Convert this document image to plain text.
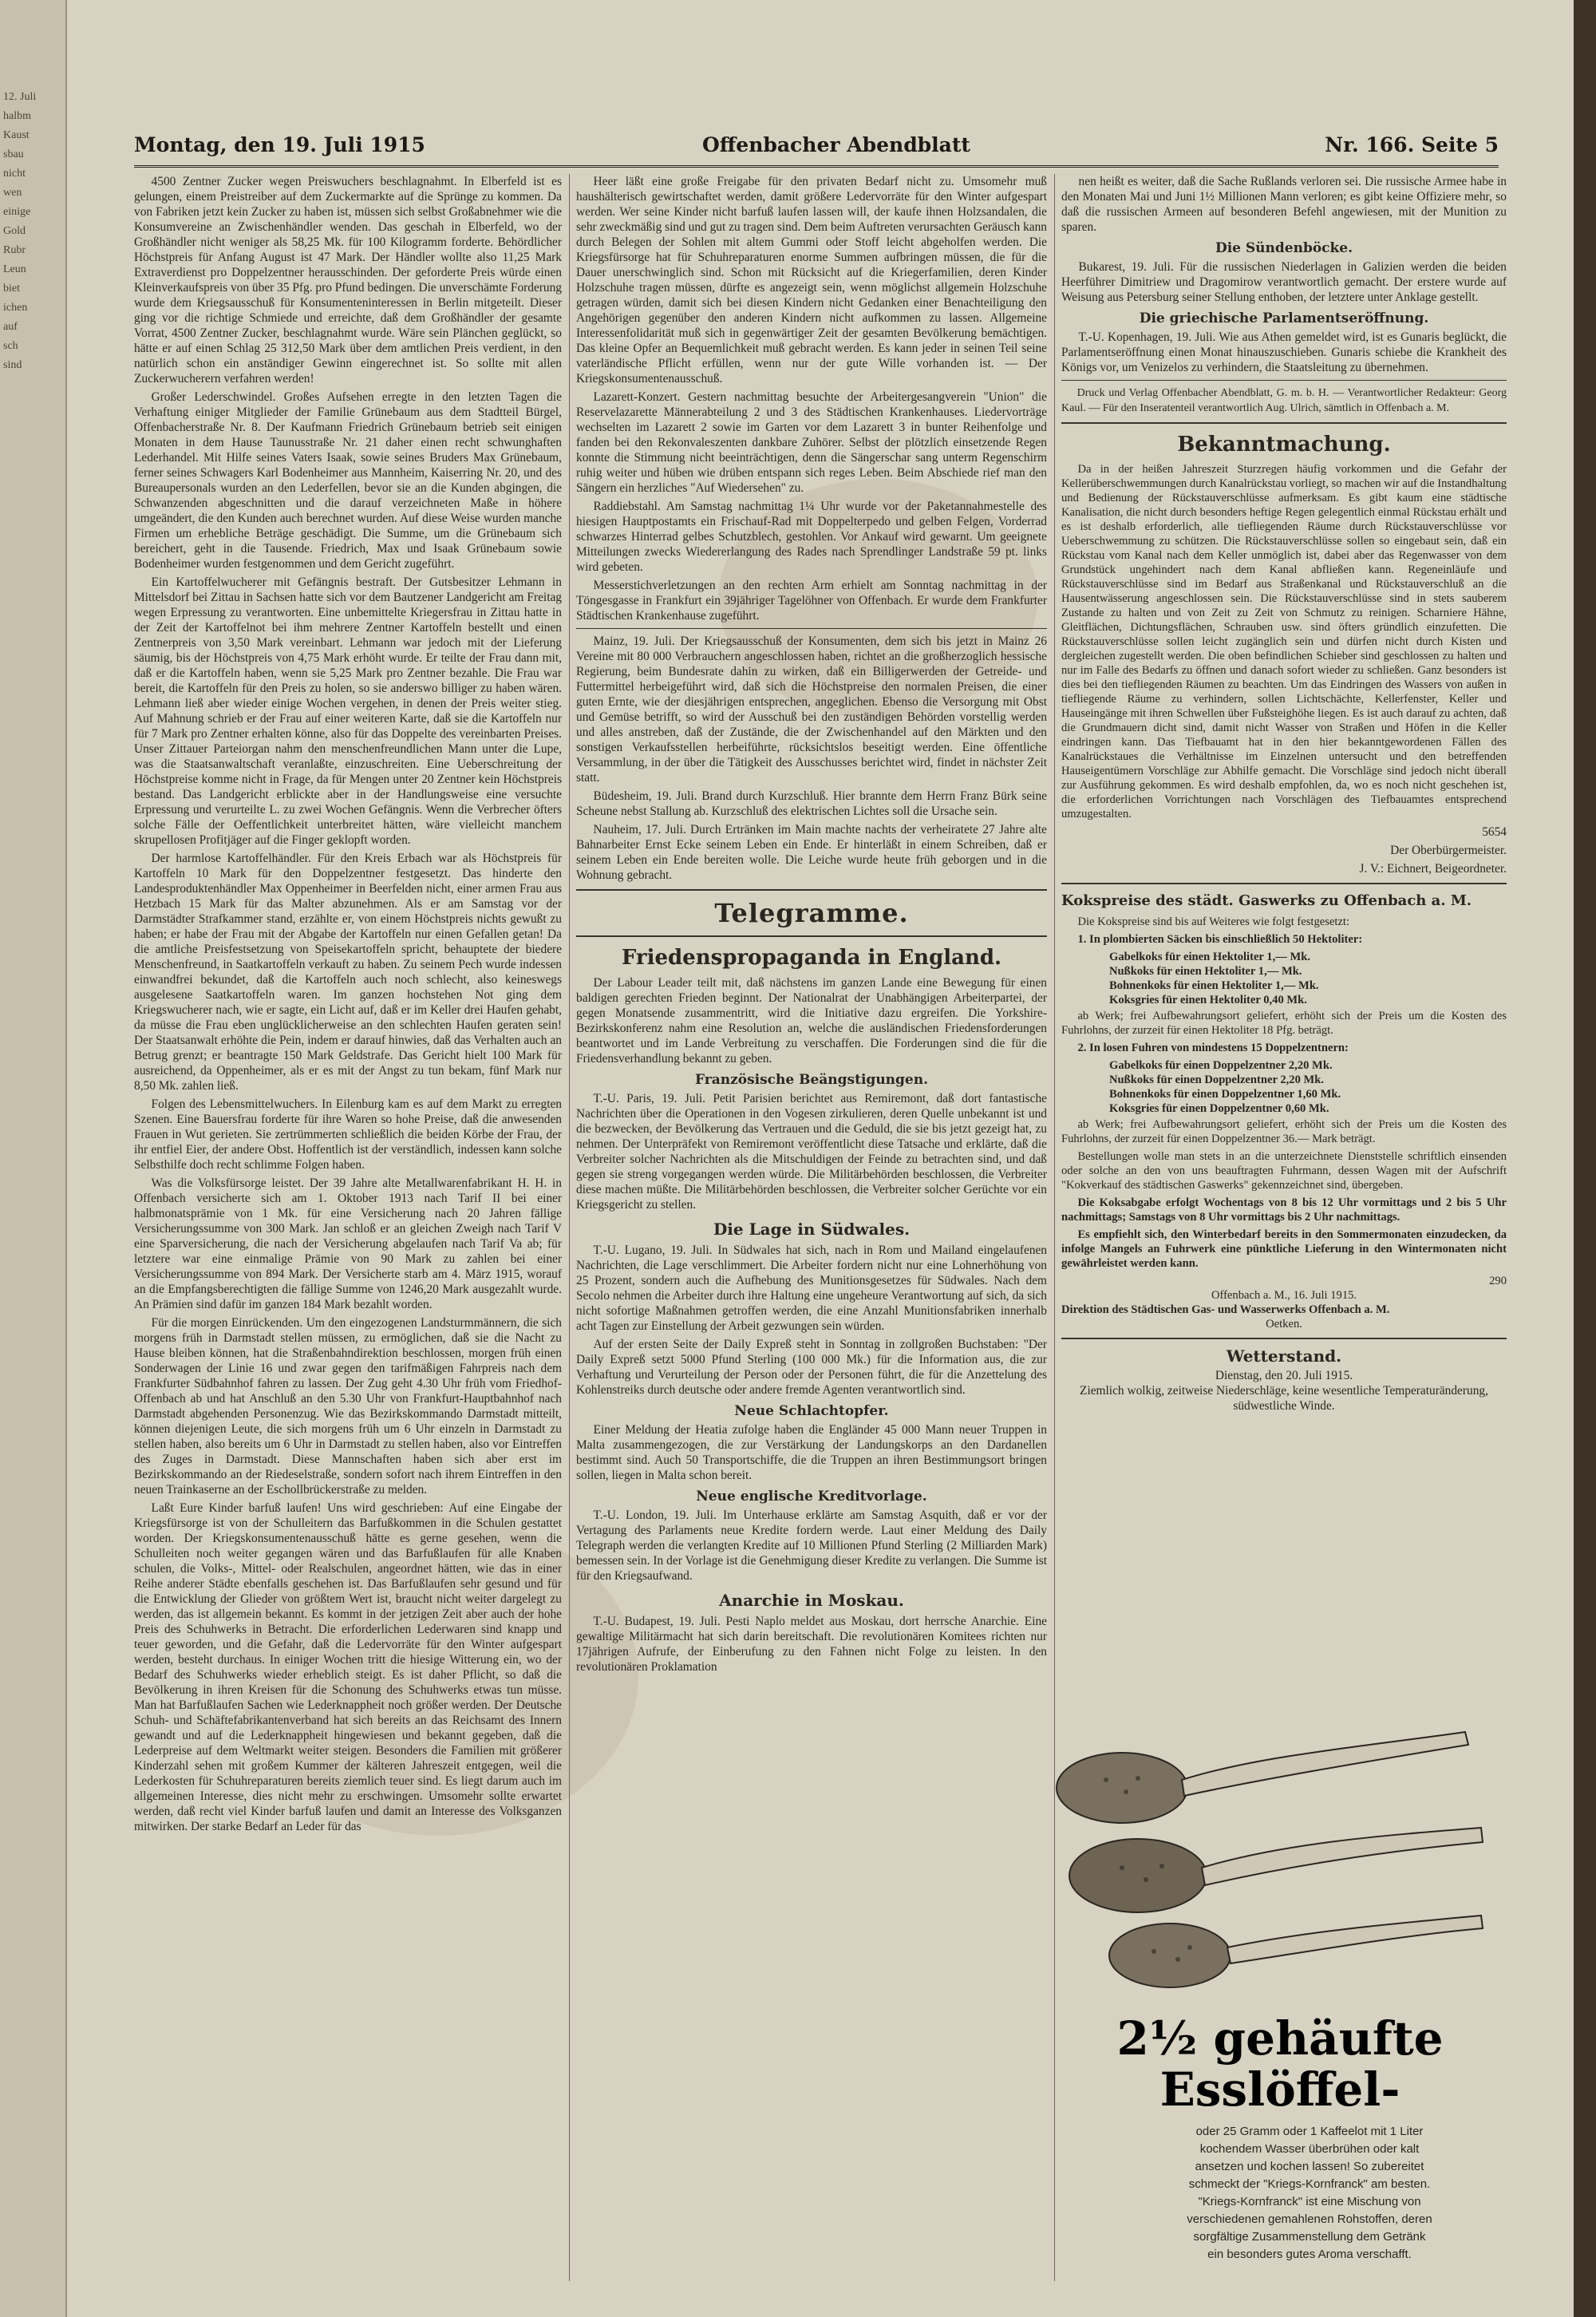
12. Juli

halbm

Kaust

sbau

nicht

wen

einige

Gold

Rubr

Leun

biet

ichen

auf

sch

sind

Montag, den 19. Juli 1915	Offenbacher Abendblatt	Nr. 166. Seite 5

4500 Zentner Zucker wegen Preiswuchers beschlagnahmt. In Elberfeld ist es gelungen, einem Preistreiber auf dem Zuckermarkte auf die Sprünge zu kommen. Da von Fabriken jetzt kein Zucker zu haben ist, müssen sich selbst Großabnehmer wie die Konsumvereine an Zwischenhändler wenden. Das geschah in Elberfeld, wo der Großhändler nicht weniger als 58,25 Mk. für 100 Kilogramm forderte. Behördlicher Höchstpreis für Anfang August ist 47 Mark. Der Händler wollte also 11,25 Mark Extraverdienst pro Doppelzentner herausschinden. Der geforderte Preis würde einen Kleinverkaufspreis von über 35 Pfg. pro Pfund bedingen. Die unverschämte Forderung wurde dem Kriegsausschuß für Konsumenteninteressen in Berlin mitgeteilt. Dieser ging vor die richtige Schmiede und erreichte, daß dem Großhändler der gesamte Vorrat, 4500 Zentner Zucker, beschlagnahmt wurde. Wäre sein Plänchen geglückt, so hätte er auf einen Schlag 25 312,50 Mark über dem amtlichen Preis verdient, in den natürlich schon ein anständiger Gewinn eingerechnet ist. So sollte mit allen Zuckerwucherern verfahren werden!

Großer Lederschwindel. Großes Aufsehen erregte in den letzten Tagen die Verhaftung einiger Mitglieder der Familie Grünebaum aus dem Stadtteil Bürgel, Offenbacherstraße Nr. 8. Der Kaufmann Friedrich Grünebaum betrieb seit einigen Monaten in dem Hause Taunusstraße Nr. 21 daher einen recht schwunghaften Lederhandel. Mit Hilfe seines Vaters Isaak, sowie seines Bruders Max Grünebaum, ferner seines Schwagers Karl Bodenheimer aus Mannheim, Kaiserring Nr. 20, und des Bureaupersonals wurden an den Lederfellen, bevor sie an die Kunden abgingen, die Schwanzenden abgeschnitten und die darauf verzeichneten Maße in höhere umgeändert, die den Kunden auch berechnet wurden. Auf diese Weise wurden manche Firmen um erhebliche Beträge geschädigt. Die Summe, um die Grünebaum sich bereichert, geht in die Tausende. Friedrich, Max und Isaak Grünebaum sowie Bodenheimer wurden festgenommen und dem Gericht zugeführt.

Ein Kartoffelwucherer mit Gefängnis bestraft. Der Gutsbesitzer Lehmann in Mittelsdorf bei Zittau in Sachsen hatte sich vor dem Bautzener Landgericht am Freitag wegen Erpressung zu verantworten. Eine unbemittelte Kriegersfrau in Zittau hatte in der Zeit der Kartoffelnot bei ihm mehrere Zentner Kartoffeln bestellt und einen Zentnerpreis von 3,50 Mark vereinbart. Lehmann war jedoch mit der Lieferung säumig, bis der Höchstpreis von 4,75 Mark erhöht wurde. Er teilte der Frau dann mit, daß er die Kartoffeln haben, wenn sie 5,25 Mark pro Zentner bezahle. Die Frau war bereit, die Kartoffeln für den Preis zu holen, so sie anderswo billiger zu haben wären. Lehmann ließ aber wieder einige Wochen vergehen, in denen der Preis weiter stieg. Auf Mahnung schrieb er der Frau auf einer weiteren Karte, daß sie die Kartoffeln nur für 7 Mark pro Zentner erhalten könne, also für das Doppelte des vereinbarten Preises. Unser Zittauer Parteiorgan nahm den menschenfreundlichen Mann unter die Lupe, was die Staatsanwaltschaft veranlaßte, einzuschreiten. Eine Ueberschreitung der Höchstpreise komme nicht in Frage, da für Mengen unter 20 Zentner kein Höchstpreis bestand. Das Landgericht erblickte aber in der Handlungsweise eine versuchte Erpressung und verurteilte L. zu zwei Wochen Gefängnis. Wenn die Verbrecher öfters solche Fälle der Oeffentlichkeit unterbreitet hätten, wäre vielleicht manchem skrupellosen Profitjäger auf die Finger geklopft worden.

Der harmlose Kartoffelhändler. Für den Kreis Erbach war als Höchstpreis für Kartoffeln 10 Mark für den Doppelzentner festgesetzt. Das hinderte den Landesproduktenhändler Max Oppenheimer in Beerfelden nicht, einer armen Frau aus Hetzbach 15 Mark für das Malter abzunehmen. Als er am Samstag vor der Darmstädter Strafkammer stand, erzählte er, von einem Höchstpreis nichts gewußt zu haben; er habe der Frau mit der Abgabe der Kartoffeln nur einen Gefallen getan! Da die amtliche Preisfestsetzung von Speisekartoffeln spricht, behauptete der biedere Menschenfreund, in Saatkartoffeln verkauft zu haben. Zu seinem Pech wurde indessen einwandfrei bekundet, daß die Kartoffeln auch noch schlecht, also keineswegs ausgelesene Saatkartoffeln waren. Im ganzen hochstehen Not ging dem Kriegswucherer nach, wie er sagte, ein Licht auf, daß er im Keller drei Haufen gehabt, da müsse die Frau eben unglücklicherweise an den schlechten Haufen geraten sein! Der Staatsanwalt erhöhte die Pein, indem er darauf hinwies, daß das Verhalten auch an Betrug grenzt; er beantragte 150 Mark Geldstrafe. Das Gericht hielt 100 Mark für ausreichend, da Oppenheimer, als er es mit der Angst zu tun bekam, fünf Mark nur 8,50 Mk. zahlen ließ.

Folgen des Lebensmittelwuchers. In Eilenburg kam es auf dem Markt zu erregten Szenen. Eine Bauersfrau forderte für ihre Waren so hohe Preise, daß die anwesenden Frauen in Wut gerieten. Sie zertrümmerten schließlich die beiden Körbe der Frau, der ihr entfiel Eier, der andere Obst. Hoffentlich ist der verständlich, indessen kann solche Selbsthilfe doch recht schlimme Folgen haben.

Was die Volksfürsorge leistet. Der 39 Jahre alte Metallwarenfabrikant H. H. in Offenbach versicherte sich am 1. Oktober 1913 nach Tarif II bei einer halbmonatsprämie von 1 Mk. für eine Versicherung nach 20 Jahren fällige Versicherungssumme von 300 Mark. Jan schloß er an gleichen Zweigh nach Tarif V eine Sparversicherung, die nach der Versicherung abgelaufen nach Tarif Va ab; für letztere war eine einmalige Prämie von 90 Mark zu zahlen bei einer Versicherungssumme von 894 Mark. Der Versicherte starb am 4. März 1915, worauf an die Empfangsberechtigten die fällige Summe von 1246,20 Mark ausgezahlt wurde. An Prämien sind dafür im ganzen 184 Mark bezahlt worden.

Für die morgen Einrückenden. Um den eingezogenen Landsturmmännern, die sich morgens früh in Darmstadt stellen müssen, zu ermöglichen, daß sie die Nacht zu Hause bleiben können, hat die Straßenbahndirektion beschlossen, morgen früh einen Sonderwagen der Linie 16 und zwar gegen den tarifmäßigen Fahrpreis nach dem Frankfurter Südbahnhof fahren zu lassen. Der Zug geht 4.30 Uhr früh vom Friedhof-Offenbach ab und hat Anschluß an den 5.30 Uhr von Frankfurt-Hauptbahnhof nach Darmstadt abgehenden Personenzug. Wie das Bezirkskommando Darmstadt mitteilt, können diejenigen Leute, die sich morgens früh um 6 Uhr einzeln in Darmstadt zu stellen haben, also bereits um 6 Uhr in Darmstadt zu stellen haben, also vor Eintreffen des Zuges in Darmstadt. Diese Mannschaften haben sich aber erst im Bezirkskommando an der Riedeselstraße, sondern sofort nach ihrem Eintreffen in den neuen Trainkaserne an der Eschollbrückerstraße zu melden.

Laßt Eure Kinder barfuß laufen! Uns wird geschrieben: Auf eine Eingabe der Kriegsfürsorge ist von der Schulleitern das Barfußkommen in die Schulen gestattet worden. Der Kriegskonsumentenausschuß hätte es gerne gesehen, wenn die Schulleiten noch weiter gegangen wären und das Barfußlaufen für alle Knaben schulen, die Volks-, Mittel- oder Realschulen, angeordnet hätten, wie das in einer Reihe anderer Städte ebenfalls geschehen ist. Das Barfußlaufen sehr gesund und für die Entwicklung der Glieder von größtem Wert ist, braucht nicht weiter dargelegt zu werden, das ist allgemein bekannt. Es kommt in der jetzigen Zeit aber auch der hohe Preis des Schuhwerks in Betracht. Die erforderlichen Lederwaren sind knapp und teuer geworden, und die Gefahr, daß die Ledervorräte für den Winter aufgespart werden, besteht durchaus. In einiger Wochen tritt die hiesige Witterung ein, wo der Bedarf des Schuhwerks wieder erheblich steigt. Es ist daher Pflicht, so daß die Bevölkerung in ihren Kreisen für die Schonung des Schuhwerks etwas tun müsse. Man hat Barfußlaufen Sachen wie Lederknappheit noch größer werden. Der Deutsche Schuh- und Schäftefabrikantenverband hat sich bereits an das Reichsamt des Innern gewandt und auf die Lederknappheit hingewiesen und bekannt gegeben, daß die Lederpreise auf dem Weltmarkt weiter steigen. Besonders die Familien mit größerer Kinderzahl sehen mit großem Kummer der kälteren Jahreszeit entgegen, weil die Lederkosten für Schuhreparaturen bereits ziemlich teuer sind. Es liegt darum auch im allgemeinen Interesse, dies nicht mehr zu erschwingen. Umsomehr sollte erwartet werden, daß recht viel Kinder barfuß laufen und damit an Interesse des Volksganzen mitwirken. Der starke Bedarf an Leder für das

Heer läßt eine große Freigabe für den privaten Bedarf nicht zu. Umsomehr muß haushälterisch gewirtschaftet werden, damit größere Ledervorräte für den Winter aufgespart werden. Wer seine Kinder nicht barfuß laufen lassen will, der kaufe ihnen Holzsandalen, die sehr zweckmäßig sind und gut zu tragen sind. Dem beim Auftreten verursachten Geräusch kann durch Belegen der Sohlen mit altem Gummi oder Stoff leicht abgeholfen werden. Die Kriegsfürsorge hat für Schuhreparaturen enorme Summen aufbringen müssen, die für die Dauer unerschwinglich sind. Schon mit Rücksicht auf die Kriegerfamilien, deren Kinder Holzschuhe tragen müssen, dürfte es angezeigt sein, wenn möglichst allgemein Holzschuhe getragen würden, damit sich bei diesen Kindern nicht Gedanken einer Benachteiligung den Angehörigen gegenüber den anderen Kindern nicht aufkommen zu lassen. Allgemeine Interessenfolidarität muß sich in gegenwärtiger Zeit der gesamten Bevölkerung bemächtigen. Das kleine Opfer an Bequemlichkeit muß gebracht werden. Es kann jeder in seinen Teil seine vaterländische Pflicht erfüllen, wenn nur der gute Wille vorhanden ist. — Der Kriegskonsumentenausschuß.

Lazarett-Konzert. Gestern nachmittag besuchte der Arbeitergesangverein "Union" die Reservelazarette Männerabteilung 2 und 3 des Städtischen Krankenhauses. Liedervorträge wechselten im Lazarett 2 sowie im Garten vor dem Lazarett 3 in bunter Reihenfolge und fanden bei den Rekonvaleszenten dankbare Zuhörer. Selbst der plötzlich einsetzende Regen konnte die Stimmung nicht beeinträchtigen, denn die Sängerschar sang unterm Regenschirm ruhig weiter und hüben wie drüben entspann sich reges Leben. Beim Abschiede rief man den Sängern ein herzliches "Auf Wiedersehen" zu.

Raddiebstahl. Am Samstag nachmittag 1¼ Uhr wurde vor der Paketannahmestelle des hiesigen Hauptpostamts ein Frischauf-Rad mit Doppelterpedo und gelben Felgen, Vorderrad schwarzes Hinterrad gelbes Schutzblech, gestohlen. Vor Ankauf wird gewarnt. Um geeignete Mitteilungen zwecks Wiedererlangung des Rades nach Sprendlinger Landstraße 59 pt. links wird gebeten.

Messerstichverletzungen an den rechten Arm erhielt am Sonntag nachmittag in der Töngesgasse in Frankfurt ein 39jähriger Tagelöhner von Offenbach. Er wurde dem Frankfurter Städtischen Krankenhause zugeführt.

Mainz, 19. Juli. Der Kriegsausschuß der Konsumenten, dem sich bis jetzt in Mainz 26 Vereine mit 80 000 Verbrauchern angeschlossen haben, richtet an die großherzoglich hessische Regierung, beim Bundesrate dahin zu wirken, daß ein Billigerwerden der Getreide- und Futtermittel herbeigeführt wird, daß sich die Höchstpreise den normalen Preisen, die einer guten Ernte, wie der diesjährigen entsprechen, angeglichen. Ebenso die Versorgung mit Obst und Gemüse betrifft, so wird der Ausschuß bei den zuständigen Behörden vorstellig werden und alles anstreben, daß der Zustände, die der Zwischenhandel auf den Märkten und den sonstigen Verkaufsstellen herbeiführte, rücksichtslos beseitigt werden. Eine öffentliche Versammlung, in der über die Tätigkeit des Ausschusses berichtet wird, findet in nächster Zeit statt.

Büdesheim, 19. Juli. Brand durch Kurzschluß. Hier brannte dem Herrn Franz Bürk seine Scheune nebst Stallung ab. Kurzschluß des elektrischen Lichtes soll die Ursache sein.

Nauheim, 17. Juli. Durch Ertränken im Main machte nachts der verheiratete 27 Jahre alte Bahnarbeiter Ernst Ecke seinem Leben ein Ende. Er hinterläßt in einem Schreiben, daß er seinem Leben ein Ende bereiten wolle. Die Leiche wurde heute früh geborgen und in die Wohnung gebracht.

Telegramme.
Friedenspropaganda in England.

Der Labour Leader teilt mit, daß nächstens im ganzen Lande eine Bewegung für einen baldigen gerechten Frieden beginnt. Der Nationalrat der Unabhängigen Arbeiterpartei, der gegen Monatsende zusammentritt, wird die Initiative dazu ergreifen. Die Yorkshire-Bezirkskonferenz nahm eine Resolution an, welche die ausländischen Friedensforderungen beantwortet und im Lande Verbreitung zu verschaffen. Die Forderungen sind die für die Friedensverhandlung bekannt zu geben.

Französische Beängstigungen.

T.-U. Paris, 19. Juli. Petit Parisien berichtet aus Remiremont, daß dort fantastische Nachrichten über die Operationen in den Vogesen zirkulieren, deren Quelle unbekannt ist und die bezwecken, der Bevölkerung das Vertrauen und die Geduld, die sie bis jetzt gezeigt hat, zu nehmen. Der Unterpräfekt von Remiremont veröffentlicht diese Tatsache und erklärte, daß die Verbreiter solcher Nachrichten als die Mitschuldigen der Feinde zu betrachten sind, und daß gegen sie streng vorgegangen werden würde. Die Militärbehörden beschlossen, die Verbreiter diese machen müßte. Die Militärbehörden beschlossen, die Verbreiter solcher Gerüchte vor ein Kriegsgericht zu stellen.

Die Lage in Südwales.

T.-U. Lugano, 19. Juli. In Südwales hat sich, nach in Rom und Mailand eingelaufenen Nachrichten, die Lage verschlimmert. Die Arbeiter fordern nicht nur eine Lohnerhöhung von 25 Prozent, sondern auch die Aufhebung des Munitionsgesetzes für Südwales. Nach dem Secolo nehmen die Arbeiter durch ihre Haltung eine ungeheure Verantwortung auf sich, da sich nicht sofortige Maßnahmen getroffen werden, die eine Anzahl Munitionsfabriken innerhalb acht Tagen zur Einstellung der Arbeit gezwungen sein würden.

Auf der ersten Seite der Daily Expreß steht in Sonntag in zollgroßen Buchstaben: "Der Daily Expreß setzt 5000 Pfund Sterling (100 000 Mk.) für die Information aus, die zur Verhaftung und Verurteilung der Person oder der Personen führt, die für die Anzettelung des Kohlenstreiks durch deutsche oder andere fremde Agenten verantwortlich sind.

Neue Schlachtopfer.

Einer Meldung der Heatia zufolge haben die Engländer 45 000 Mann neuer Truppen in Malta zusammengezogen, die zur Verstärkung der Landungskorps an den Dardanellen bestimmt sind. Auch 50 Transportschiffe, die die Truppen an ihren Bestimmungsort bringen sollen, liegen in Malta schon bereit.

Neue englische Kreditvorlage.

T.-U. London, 19. Juli. Im Unterhause erklärte am Samstag Asquith, daß er vor der Vertagung des Parlaments neue Kredite fordern werde. Laut einer Meldung des Daily Telegraph werden die verlangten Kredite auf 10 Millionen Pfund Sterling (2 Milliarden Mark) bemessen sein. In der Vorlage ist die Genehmigung dieser Kredite zu verlangen. Die Summe ist für den Kriegsaufwand.

Anarchie in Moskau.

T.-U. Budapest, 19. Juli. Pesti Naplo meldet aus Moskau, dort herrsche Anarchie. Eine gewaltige Militärmacht hat sich darin bereitschaft. Die revolutionären Komitees richten nur 17jährigen Aufrufe, der Einberufung zu den Fahnen nicht Folge zu leisten. In den revolutionären Proklamation

nen heißt es weiter, daß die Sache Rußlands verloren sei. Die russische Armee habe in den Monaten Mai und Juni 1½ Millionen Mann verloren; es gibt keine Offiziere mehr, so daß die russischen Armeen auf besonderen Befehl angewiesen, mit der Munition zu sparen.

Die Sündenböcke.

Bukarest, 19. Juli. Für die russischen Niederlagen in Galizien werden die beiden Heerführer Dimitriew und Dragomirow verantwortlich gemacht. Der erstere wurde auf Weisung aus Petersburg seiner Stellung enthoben, der letztere unter Anklage gestellt.

Die griechische Parlamentseröffnung.

T.-U. Kopenhagen, 19. Juli. Wie aus Athen gemeldet wird, ist es Gunaris beglückt, die Parlamentseröffnung einen Monat hinauszuschieben. Gunaris schiebe die Krankheit des Königs vor, um Venizelos zu verhindern, die Staatsleitung zu übernehmen.

Druck und Verlag Offenbacher Abendblatt, G. m. b. H. — Verantwortlicher Redakteur: Georg Kaul. — Für den Inseratenteil verantwortlich Aug. Ulrich, sämtlich in Offenbach a. M.

Bekanntmachung.

Da in der heißen Jahreszeit Sturzregen häufig vorkommen und die Gefahr der Kellerüberschwemmungen durch Kanalrückstau vorliegt, so machen wir auf die Instandhaltung und Bedienung der Rückstauverschlüsse aufmerksam. Es gibt kaum eine städtische Kanalisation, die nicht durch besonders heftige Regen gelegentlich einmal Rückstau erhält und es ist deshalb erforderlich, alle tiefliegenden Räume durch Rückstauverschlüsse vor Ueberschwemmung zu schützen. Die Rückstauverschlüsse sollen so eingebaut sein, daß ein Rückstau vom Kanal nach dem Keller unmöglich ist, dabei aber das Regenwasser von dem Grundstück ungehindert nach dem Kanal abfließen kann. Regeneinläufe und Rückstauverschlüsse sind im Bedarf aus Straßenkanal und Rückstauverschluß an die Hausentwässerung angeschlossen sein. Die Rückstauverschlüsse sind in stets sauberem Zustande zu halten und von Zeit zu Zeit von Schmutz zu reinigen. Scharniere Hähne, Gleitflächen, Dichtungsflächen, Schrauben usw. sind öfters gründlich einzufetten. Die Rückstauverschlüsse sollen leicht zugänglich sein und dürfen nicht durch Kisten und dergleichen zugestellt werden. Die oben befindlichen Schieber sind geschlossen zu halten und nur im Falle des Bedarfs zu öffnen und danach sofort wieder zu schließen. Ganz besonders ist dies bei den tiefliegenden Räumen zu beachten. Um das Eindringen des Wassers von außen in tiefliegende Räume zu verhindern, sollen Lichtschächte, Kellerfenster, Keller und Hauseingänge mit ihren Schwellen über Fußsteighöhe liegen. Es ist auch darauf zu achten, daß die Grundmauern dicht sind, damit nicht Wasser von Straßen und Höfen in die Keller eindringen kann. Das Tiefbauamt hat in den hier bekanntgewordenen Fällen des Kanalrückstaues die Verhältnisse im Einzelnen untersucht und den betreffenden Hauseigentümern Vorschläge zur Abhilfe gemacht. Die Vorschläge sind jedoch nicht überall zur Ausführung gekommen. Es wird deshalb empfohlen, da, wo es noch nicht geschehen ist, die erforderlichen Vorrichtungen nach Vorschlägen des Tiefbauamtes entsprechend umzugestalten.

5654

Der Oberbürgermeister.

J. V.: Eichnert, Beigeordneter.

Kokspreise des städt. Gaswerks zu Offenbach a. M.

Die Kokspreise sind bis auf Weiteres wie folgt festgesetzt:

1. In plombierten Säcken bis einschließlich 50 Hektoliter:

Gabelkoks für einen Hektoliter 1,— Mk.
Nußkoks für einen Hektoliter 1,— Mk.
Bohnenkoks für einen Hektoliter 1,— Mk.
Koksgries für einen Hektoliter 0,40 Mk.

ab Werk; frei Aufbewahrungsort geliefert, erhöht sich der Preis um die Kosten des Fuhrlohns, der zurzeit für einen Hektoliter 18 Pfg. beträgt.

2. In losen Fuhren von mindestens 15 Doppelzentnern:

Gabelkoks für einen Doppelzentner 2,20 Mk.
Nußkoks für einen Doppelzentner 2,20 Mk.
Bohnenkoks für einen Doppelzentner 1,60 Mk.
Koksgries für einen Doppelzentner 0,60 Mk.

ab Werk; frei Aufbewahrungsort geliefert, erhöht sich der Preis um die Kosten des Fuhrlohns, der zurzeit für einen Doppelzentner 36.— Mark beträgt.

Bestellungen wolle man stets in an die unterzeichnete Dienststelle schriftlich einsenden oder solche an den von uns beauftragten Fuhrmann, dessen Wagen mit der Aufschrift "Kokverkauf des städtischen Gaswerks" gekennzeichnet sind, übergeben.

Die Koksabgabe erfolgt Wochentags von 8 bis 12 Uhr vormittags und 2 bis 5 Uhr nachmittags; Samstags von 8 Uhr vormittags bis 2 Uhr nachmittags.

Es empfiehlt sich, den Winterbedarf bereits in den Sommermonaten einzudecken, da infolge Mangels an Fuhrwerk eine pünktliche Lieferung in den Wintermonaten nicht gewährleistet werden kann.

290

Offenbach a. M., 16. Juli 1915.

Direktion des Städtischen Gas- und Wasserwerks Offenbach a. M.

Oetken.

Wetterstand.

Dienstag, den 20. Juli 1915.

Ziemlich wolkig, zeitweise Niederschläge, keine wesentliche Temperaturänderung, südwestliche Winde.

2½ gehäufte
Esslöffel-
oder 25 Gramm oder 1 Kaffeelot mit 1 Liter
kochendem Wasser überbrühen oder kalt
ansetzen und kochen lassen! So zubereitet
schmeckt der "Kriegs-Kornfranck" am besten.
"Kriegs-Kornfranck" ist eine Mischung von
verschiedenen gemahlenen Rohstoffen, deren
sorgfältige Zusammenstellung dem Getränk
ein besonders gutes Aroma verschafft.
